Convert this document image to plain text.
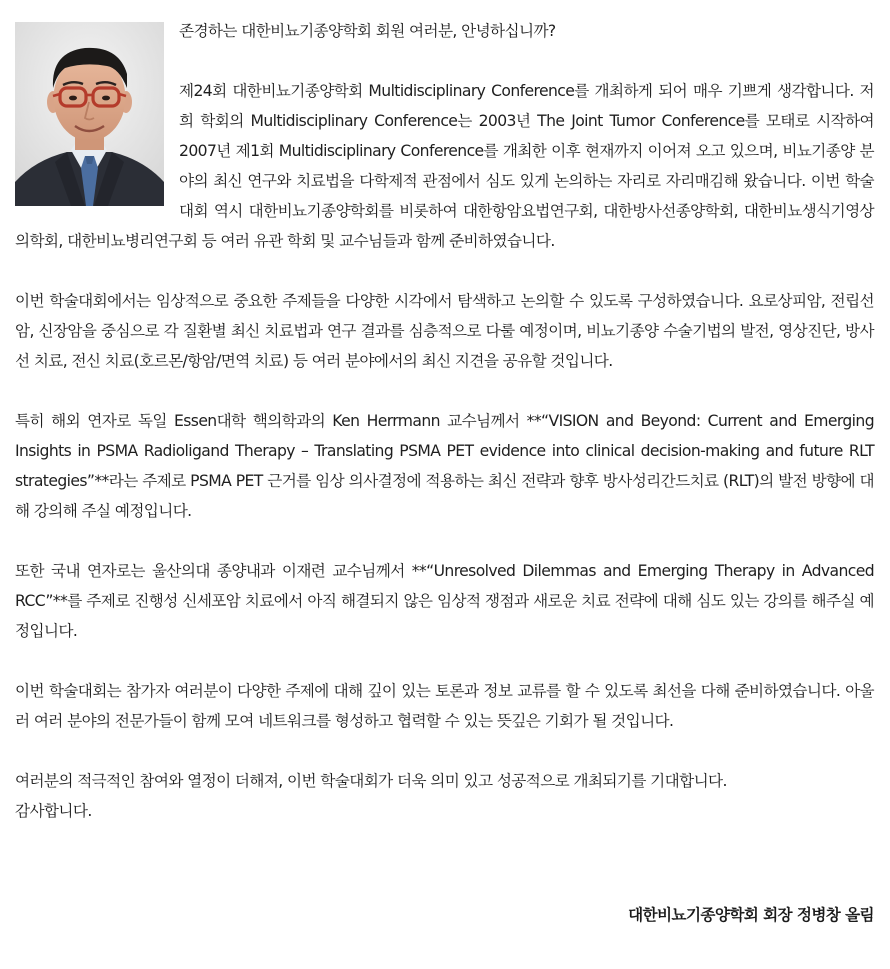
존경하는 대한비뇨기종양학회 회원 여러분, 안녕하십니까?

제24회 대한비뇨기종양학회 Multidisciplinary Conference를 개최하게 되어 매우 기쁘게 생각합니다. 저희 학회의 Multidisciplinary Conference는 2003년 The Joint Tumor Conference를 모태로 시작하여 2007년 제1회 Multidisciplinary Conference를 개최한 이후 현재까지 이어져 오고 있으며, 비뇨기종양 분야의 최신 연구와 치료법을 다학제적 관점에서 심도 있게 논의하는 자리로 자리매김해 왔습니다. 이번 학술대회 역시 대한비뇨기종양학회를 비롯하여 대한항암요법연구회, 대한방사선종양학회, 대한비뇨생식기영상의학회, 대한비뇨병리연구회 등 여러 유관 학회 및 교수님들과 함께 준비하였습니다.

이번 학술대회에서는 임상적으로 중요한 주제들을 다양한 시각에서 탐색하고 논의할 수 있도록 구성하였습니다. 요로상피암, 전립선암, 신장암을 중심으로 각 질환별 최신 치료법과 연구 결과를 심층적으로 다룰 예정이며, 비뇨기종양 수술기법의 발전, 영상진단, 방사선 치료, 전신 치료(호르몬/항암/면역 치료) 등 여러 분야에서의 최신 지견을 공유할 것입니다.

특히 해외 연자로 독일 Essen대학 핵의학과의 Ken Herrmann 교수님께서 **“VISION and Beyond: Current and Emerging Insights in PSMA Radioligand Therapy – Translating PSMA PET evidence into clinical decision-making and future RLT strategies”**라는 주제로 PSMA PET 근거를 임상 의사결정에 적용하는 최신 전략과 향후 방사성리간드치료 (RLT)의 발전 방향에 대해 강의해 주실 예정입니다.

또한 국내 연자로는 울산의대 종양내과 이재련 교수님께서 **“Unresolved Dilemmas and Emerging Therapy in Advanced RCC”**를 주제로 진행성 신세포암 치료에서 아직 해결되지 않은 임상적 쟁점과 새로운 치료 전략에 대해 심도 있는 강의를 해주실 예정입니다.

이번 학술대회는 참가자 여러분이 다양한 주제에 대해 깊이 있는 토론과 정보 교류를 할 수 있도록 최선을 다해 준비하였습니다. 아울러 여러 분야의 전문가들이 함께 모여 네트워크를 형성하고 협력할 수 있는 뜻깊은 기회가 될 것입니다.

여러분의 적극적인 참여와 열정이 더해져, 이번 학술대회가 더욱 의미 있고 성공적으로 개최되기를 기대합니다.

감사합니다.

대한비뇨기종양학회 회장 정병창 올림
